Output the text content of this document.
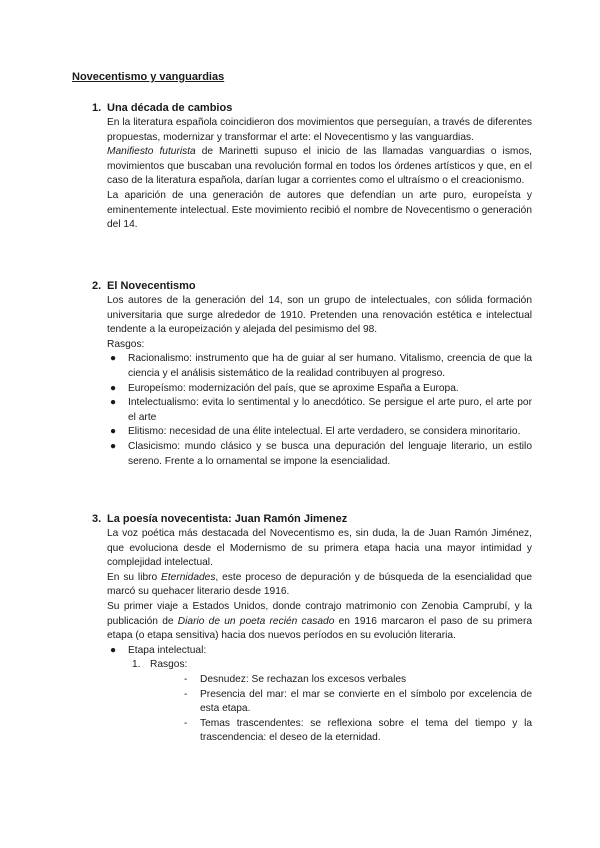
Novecentismo y vanguardias
1. Una década de cambios

En la literatura española coincidieron dos movimientos que perseguían, a través de diferentes propuestas, modernizar y transformar el arte: el Novecentismo y las vanguardias.

Manifiesto futurista de Marinetti supuso el inicio de las llamadas vanguardias o ismos, movimientos que buscaban una revolución formal en todos los órdenes artísticos y que, en el caso de la literatura española, darían lugar a corrientes como el ultraísmo o el creacionismo.

La aparición de una generación de autores que defendían un arte puro, europeísta y eminentemente intelectual. Este movimiento recibió el nombre de Novecentismo o generación del 14.

2. El Novecentismo

Los autores de la generación del 14, son un grupo de intelectuales, con sólida formación universitaria que surge alrededor de 1910. Pretenden una renovación estética e intelectual tendente a la europeización y alejada del pesimismo del 98.

Rasgos:

● Racionalismo: instrumento que ha de guiar al ser humano. Vitalismo, creencia de que la ciencia y el análisis sistemático de la realidad contribuyen al progreso.
● Europeísmo: modernización del país, que se aproxime España a Europa.
● Intelectualismo: evita lo sentimental y lo anecdótico. Se persigue el arte puro, el arte por el arte
● Elitismo: necesidad de una élite intelectual. El arte verdadero, se considera minoritario.
● Clasicismo: mundo clásico y se busca una depuración del lenguaje literario, un estilo sereno. Frente a lo ornamental se impone la esencialidad.
3. La poesía novecentista: Juan Ramón Jimenez

La voz poética más destacada del Novecentismo es, sin duda, la de Juan Ramón Jiménez, que evoluciona desde el Modernismo de su primera etapa hacia una mayor intimidad y complejidad intelectual.

En su libro Eternidades, este proceso de depuración y de búsqueda de la esencialidad que marcó su quehacer literario desde 1916.

Su primer viaje a Estados Unidos, donde contrajo matrimonio con Zenobia Camprubí, y la publicación de Diario de un poeta recién casado en 1916 marcaron el paso de su primera etapa (o etapa sensitiva) hacia dos nuevos períodos en su evolución literaria.

● Etapa intelectual:
1. Rasgos:
- Desnudez: Se rechazan los excesos verbales
- Presencia del mar: el mar se convierte en el símbolo por excelencia de esta etapa.
- Temas trascendentes: se reflexiona sobre el tema del tiempo y la trascendencia: el deseo de la eternidad.
